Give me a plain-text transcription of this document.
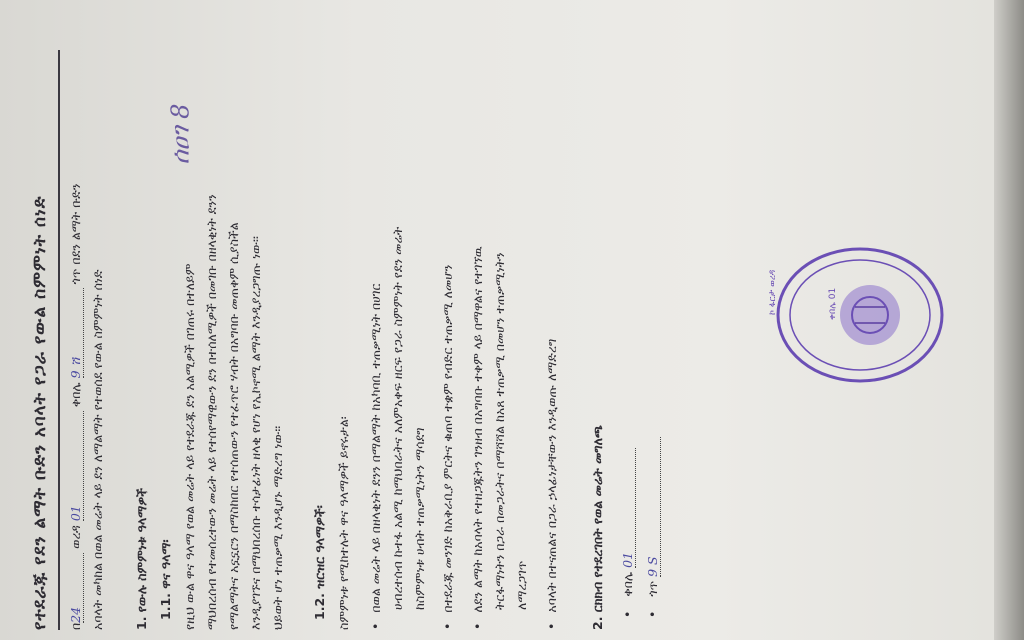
ሰዐገ 8
የተደራጁ የደን ልማት ቡድን አባላት የጋራ የውል ስምምነት ሰነድ በ24 ወረዳ 01 ቀበሌ 9 ሽ ጎጥ በደን ልማት ቡድን
አባላት መካከል በወል መሬት ላይ ደን ለማልማት የተወሰደ የውል ስምምነት ሰነድ 1. የውሉ ስምምነቱ ዓላማዎች 1.1. ዋና ዓላማ፡ የዚህ ውል ዋና ዓላማ የወል መሬት ላይ የተደራጁ ደን አልሚዎች በገጠሩ በተለይም ማህበረሰብ የተመሰረተውን መሬት ላይ የተሰየማዊውን ደን በተሰለሚዎች በመገቡ በዘላቂነት ደንን የማልማትና አኗኗርን በማስከበር የተሰጠውን የተፈጥሮ ሃብት በአግባቡ መጠቀም ሲያስችል እንዲያገኙና በማህበረሰቡ ተሳታፊነት ዘላቂ የሆነ የኢኮኖሚ ልማት እንዲያረጋግጡ ነው፡፡ ህይወት ሆነ ተጠቃሚ እንዲሆኑ ማድረግ ነው፡፡ 1.2. ዝርዝር ዓላማዎች፡ ስምምነቱ የሚከተሉት ዋና ዓላማዎች ይኖሩታል፡ • በወል መሬት ላይ በዘላቂነት ደንን በማልማት ከአካባቢ ተጠቃሚነት በሀገር ሀብረተሰብ ኩተፋ አልሚ ከማህበራትና አለምአቀፍ ዘርፍ የጋራ ስምምነት የደን መሬት ከስምምነቱ ሀብት ተጠቃሚነትን ማሳደግ • በተደራጁ መንገድ ከአቅራቢያ ምርትና ቁጠባ ተቋም የብድር ተጠቃሚ ለመሆን • ለደን ልማት ከአባላት የተዘጋጁትን ገንዘብ በአግባቡ ተቀም ላይ በማዋልና የተገኘዉ ትርፋማነትን በጋራ በመጋራትና በማሻሻል ከአጸ ተጠቃሚ በመሆን ተጠቃሚነትን ለማረጋገጥ • አባላት በተናጠልና በጋራ ኃላፊነታቸውን እንዲወጡ ለማድረግ 2. ርክክብ የተደረገበት የወል መሬት መግለጫ • ቀበሌ 01
• ጎጥ 9 S
ኮ ፋርታ ወረዳ	ቀበሌ 01
